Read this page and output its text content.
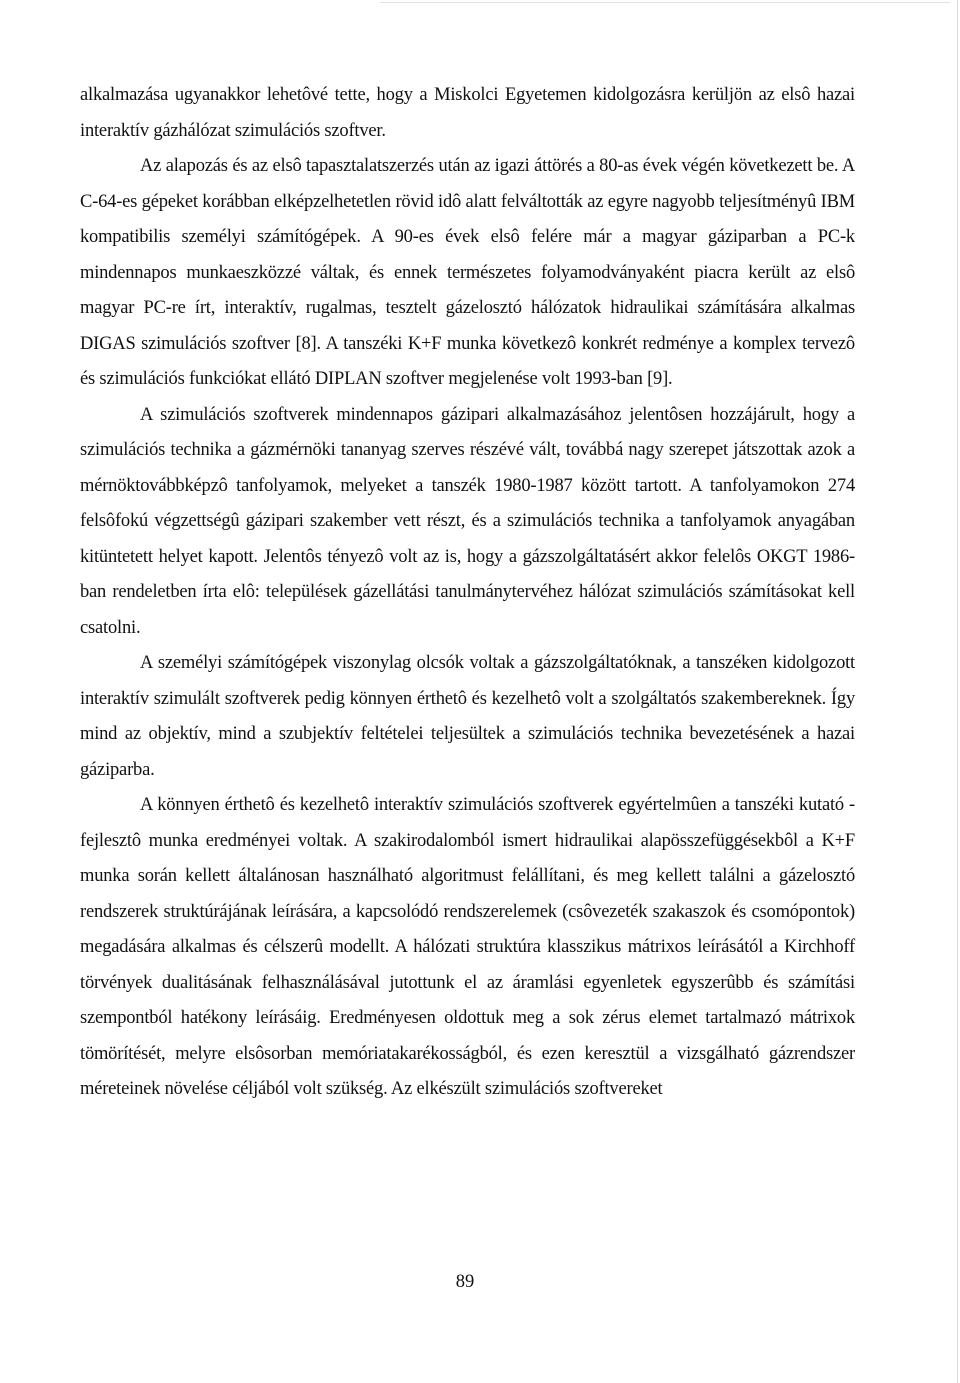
alkalmazása ugyanakkor lehetôvé tette, hogy a Miskolci Egyetemen kidolgozásra kerüljön az elsô hazai interaktív gázhálózat szimulációs szoftver.

Az alapozás és az elsô tapasztalatszerzés után az igazi áttörés a 80-as évek végén következett be. A C-64-es gépeket korábban elképzelhetetlen rövid idô alatt felváltották az egyre nagyobb teljesítményû IBM kompatibilis személyi számítógépek. A 90-es évek elsô felére már a magyar gáziparban a PC-k mindennapos munkaeszközzé váltak, és ennek természetes folyamodványaként piacra került az elsô magyar PC-re írt, interaktív, rugalmas, tesztelt gázelosztó hálózatok hidraulikai számítására alkalmas DIGAS szimulációs szoftver [8]. A tanszéki K+F munka következô konkrét redménye a komplex tervezô és szimulációs funkciókat ellátó DIPLAN szoftver megjelenése volt 1993-ban [9].

A szimulációs szoftverek mindennapos gázipari alkalmazásához jelentôsen hozzájárult, hogy a szimulációs technika a gázmérnöki tananyag szerves részévé vált, továbbá nagy szerepet játszottak azok a mérnöktovábbképzô tanfolyamok, melyeket a tanszék 1980-1987 között tartott. A tanfolyamokon 274 felsôfokú végzettségû gázipari szakember vett részt, és a szimulációs technika a tanfolyamok anyagában kitüntetett helyet kapott. Jelentôs tényezô volt az is, hogy a gázszolgáltatásért akkor felelôs OKGT 1986-ban rendeletben írta elô: települések gázellátási tanulmánytervéhez hálózat szimulációs számításokat kell csatolni.

A személyi számítógépek viszonylag olcsók voltak a gázszolgáltatóknak, a tanszéken kidolgozott interaktív szimulált szoftverek pedig könnyen érthetô és kezelhetô volt a szolgáltatós szakembereknek. Így mind az objektív, mind a szubjektív feltételei teljesültek a szimulációs technika bevezetésének a hazai gáziparba.

A könnyen érthetô és kezelhetô interaktív szimulációs szoftverek egyértelmûen a tanszéki kutató - fejlesztô munka eredményei voltak. A szakirodalomból ismert hidraulikai alapösszefüggésekbôl a K+F munka során kellett általánosan használható algoritmust felállítani, és meg kellett találni a gázelosztó rendszerek struktúrájának leírására, a kapcsolódó rendszerelemek (csôvezeték szakaszok és csomópontok) megadására alkalmas és célszerû modellt. A hálózati struktúra klasszikus mátrixos leírásától a Kirchhoff törvények dualitásának felhasználásával jutottunk el az áramlási egyenletek egyszerûbb és számítási szempontból hatékony leírásáig. Eredményesen oldottuk meg a sok zérus elemet tartalmazó mátrixok tömörítését, melyre elsôsorban memóriatakarékosságból, és ezen keresztül a vizsgálható gázrendszer méreteinek növelése céljából volt szükség. Az elkészült szimulációs szoftvereket

89
